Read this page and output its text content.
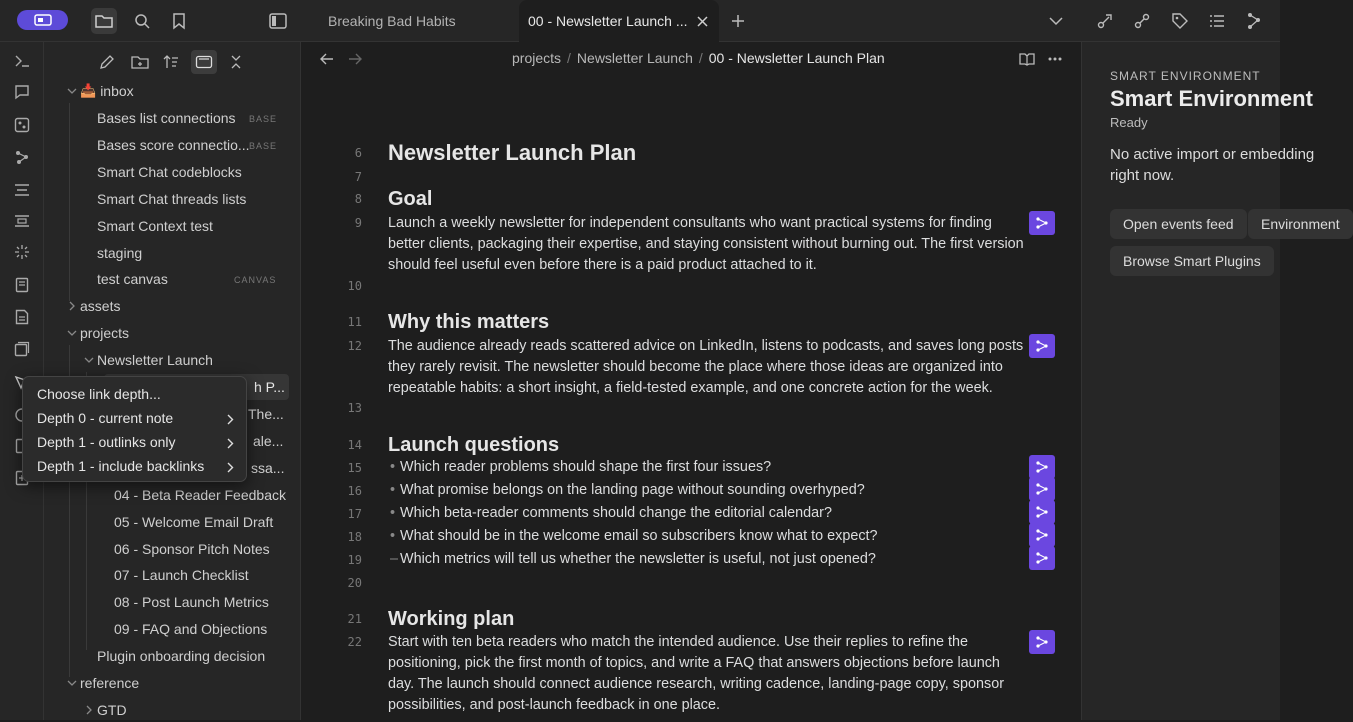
Breaking Bad Habits	00 - Newsletter Launch ...
📥 inbox
Bases list connections BASE
Bases score connectio... BASE
Smart Chat codeblocks
Smart Chat threads lists
Smart Context test
staging
test canvas	CANVAS
assets
projects
Newsletter Launch
h P...
The...
ale...
ssa...
04 - Beta Reader Feedback
05 - Welcome Email Draft
06 - Sponsor Pitch Notes
07 - Launch Checklist
08 - Post Launch Metrics
09 - FAQ and Objections
Plugin onboarding decision
reference
GTD
Choose link depth...
Depth 0 - current note
Depth 1 - outlinks only
Depth 1 - include backlinks
projects / Newsletter Launch / 00 - Newsletter Launch Plan
6
7
8
9
10
11
12
13
14
15
16
17
18
19
20
21
22
Newsletter Launch Plan
Goal
Launch a weekly newsletter for independent consultants who want practical systems for finding better clients, packaging their expertise, and staying consistent without burning out. The first version should feel useful even before there is a paid product attached to it.
Why this matters
The audience already reads scattered advice on LinkedIn, listens to podcasts, and saves long posts they rarely revisit. The newsletter should become the place where those ideas are organized into repeatable habits: a short insight, a field-tested example, and one concrete action for the week.
Launch questions
• Which reader problems should shape the first four issues?
• What promise belongs on the landing page without sounding overhyped?
• Which beta-reader comments should change the editorial calendar?
• What should be in the welcome email so subscribers know what to expect?
– Which metrics will tell us whether the newsletter is useful, not just opened?
Working plan
Start with ten beta readers who match the intended audience. Use their replies to refine the positioning, pick the first month of topics, and write a FAQ that answers objections before launch day. The launch should connect audience research, writing cadence, landing-page copy, sponsor possibilities, and post-launch feedback in one place.
SMART ENVIRONMENT
Smart Environment
Ready
No active import or embedding right now.
Open events feed	Environment
Browse Smart Plugins
